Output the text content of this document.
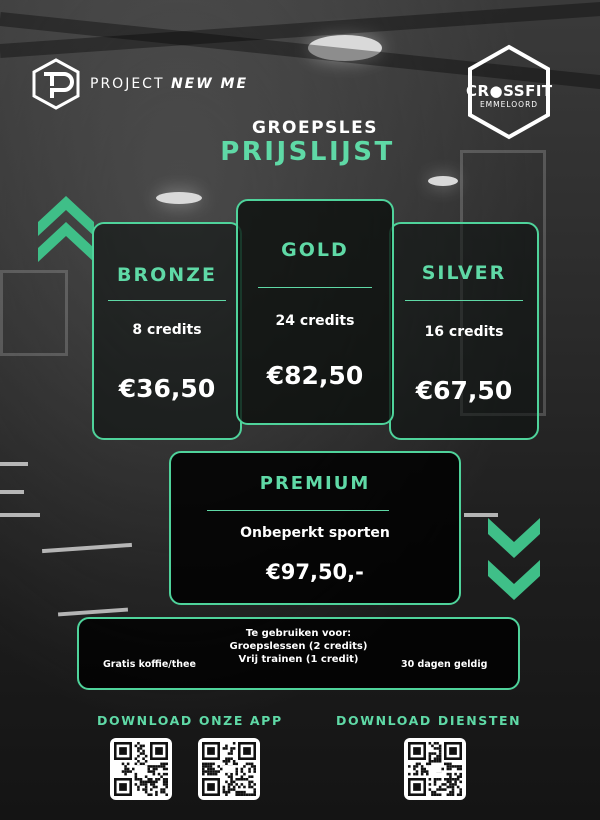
PROJECT NEW ME	CR●SSFIT
EMMELOORD
GROEPSLES
PRIJSLIJST
BRONZE
8 credits
€36,50
SILVER
16 credits
€67,50
GOLD
24 credits
€82,50
PREMIUM
Onbeperkt sporten
€97,50,-
Te gebruiken voor:
Groepslessen (2 credits)
Vrij trainen (1 credit)
Gratis koffie/thee	30 dagen geldig
DOWNLOAD ONZE APP	DOWNLOAD DIENSTEN
